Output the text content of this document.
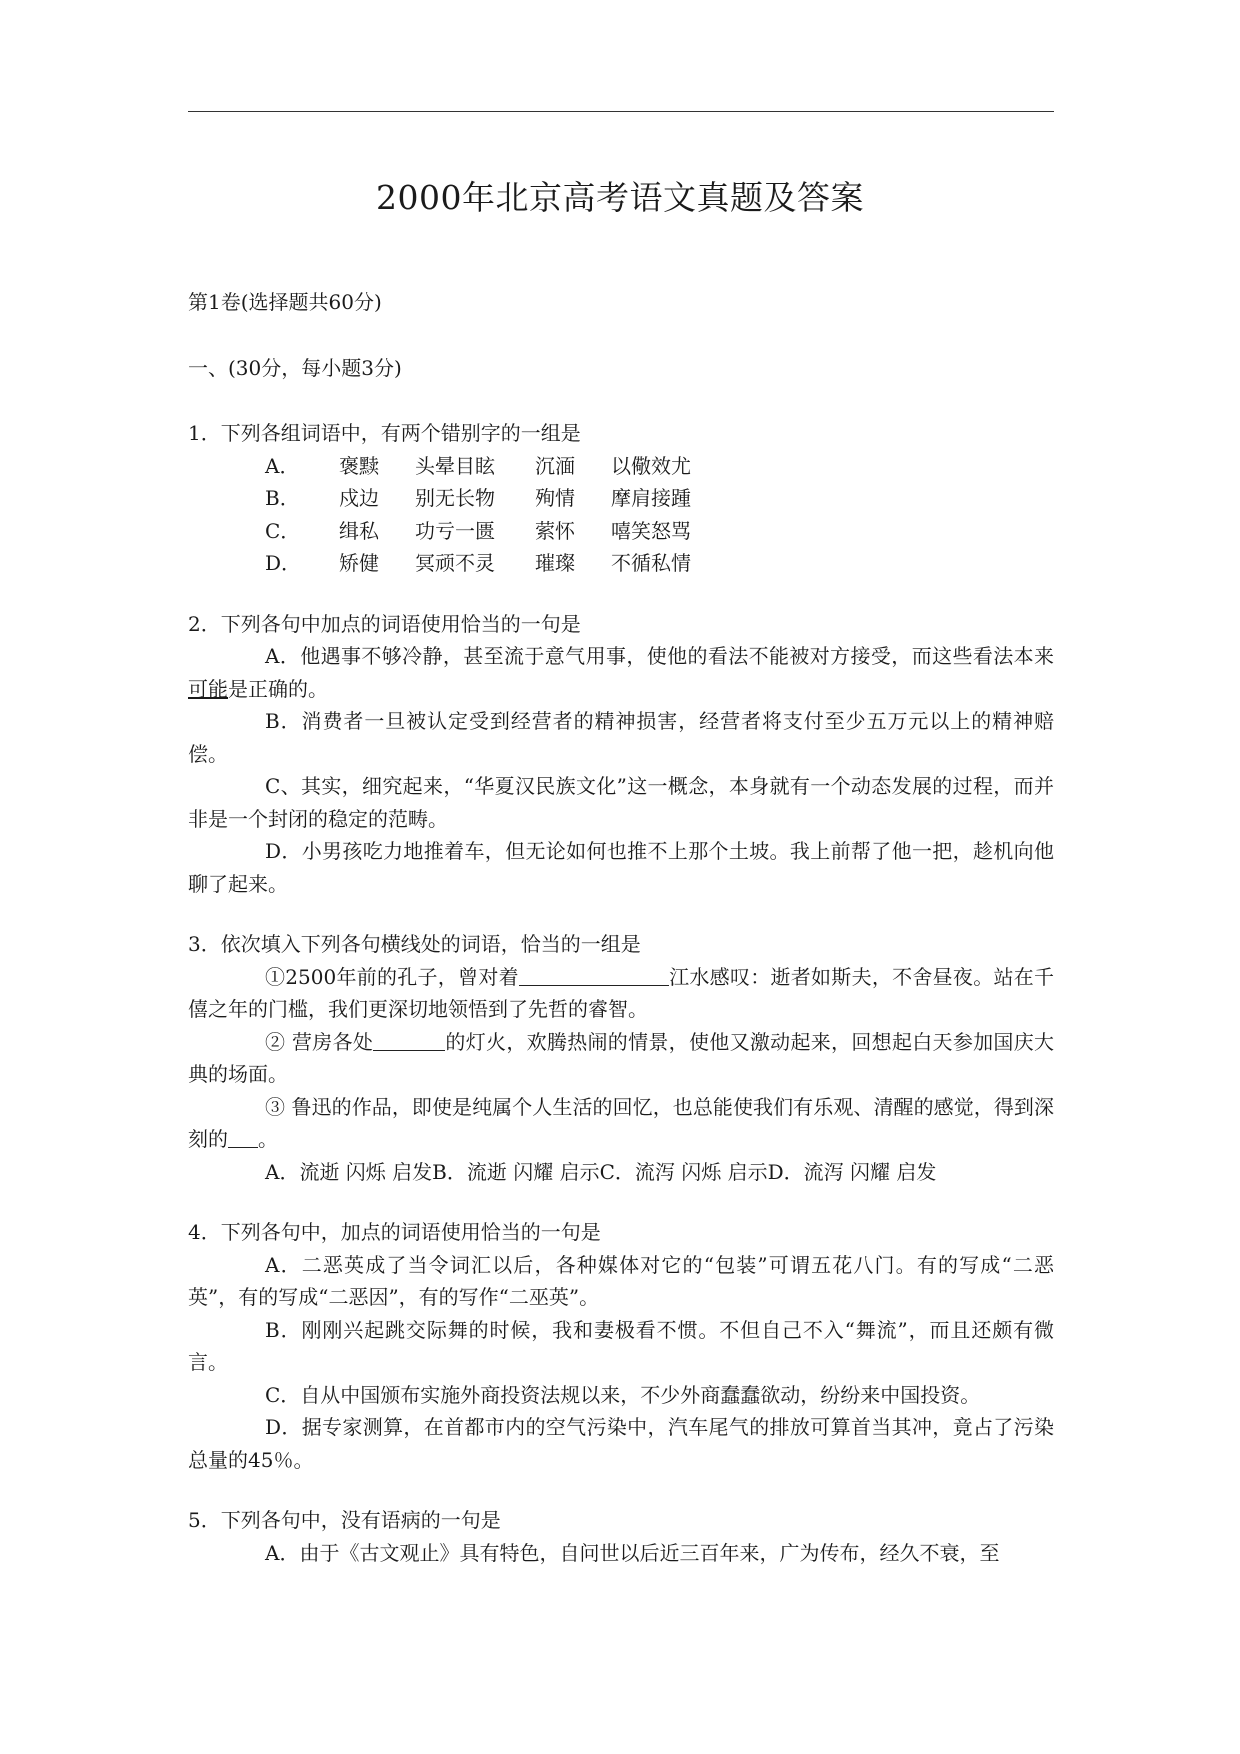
2000年北京高考语文真题及答案

第1卷(选择题共60分)

一、(30分，每小题3分)

1．下列各组词语中，有两个错别字的一组是

A． 褒黩 头晕目眩 沉湎 以儆效尤

B． 戍边 别无长物 殉情 摩肩接踵

C． 缉私 功亏一匮 萦怀 嘻笑怒骂

D． 矫健 冥顽不灵 璀璨 不循私情

2．下列各句中加点的词语使用恰当的一句是

A．他遇事不够冷静，甚至流于意气用事，使他的看法不能被对方接受，而这些看法本来可能是正确的。

B．消费者一旦被认定受到经营者的精神损害，经营者将支付至少五万元以上的精神赔偿。

C、其实，细究起来，“华夏汉民族文化”这一概念，本身就有一个动态发展的过程，而并非是一个封闭的稳定的范畴。

D．小男孩吃力地推着车，但无论如何也推不上那个土坡。我上前帮了他一把，趁机向他聊了起来。

3．依次填入下列各句横线处的词语，恰当的一组是

①2500年前的孔子，曾对着	江水感叹：逝者如斯夫，不舍昼夜。站在千僖之年的门槛，我们更深切地领悟到了先哲的睿智。

② 营房各处	的灯火，欢腾热闹的情景，使他又激动起来，回想起白天参加国庆大典的场面。

③ 鲁迅的作品，即使是纯属个人生活的回忆，也总能使我们有乐观、清醒的感觉，得到深刻的 。

A．流逝 闪烁 启发B．流逝 闪耀 启示C．流泻 闪烁 启示D．流泻 闪耀 启发

4．下列各句中，加点的词语使用恰当的一句是

A．二恶英成了当令词汇以后，各种媒体对它的“包装”可谓五花八门。有的写成“二恶英”，有的写成“二恶因”，有的写作“二巫英”。

B．刚刚兴起跳交际舞的时候，我和妻极看不惯。不但自己不入“舞流”，而且还颇有微言。

C．自从中国颁布实施外商投资法规以来，不少外商蠢蠢欲动，纷纷来中国投资。

D．据专家测算，在首都市内的空气污染中，汽车尾气的排放可算首当其冲，竟占了污染总量的45％。

5．下列各句中，没有语病的一句是

A．由于《古文观止》具有特色，自问世以后近三百年来，广为传布，经久不衰，至
